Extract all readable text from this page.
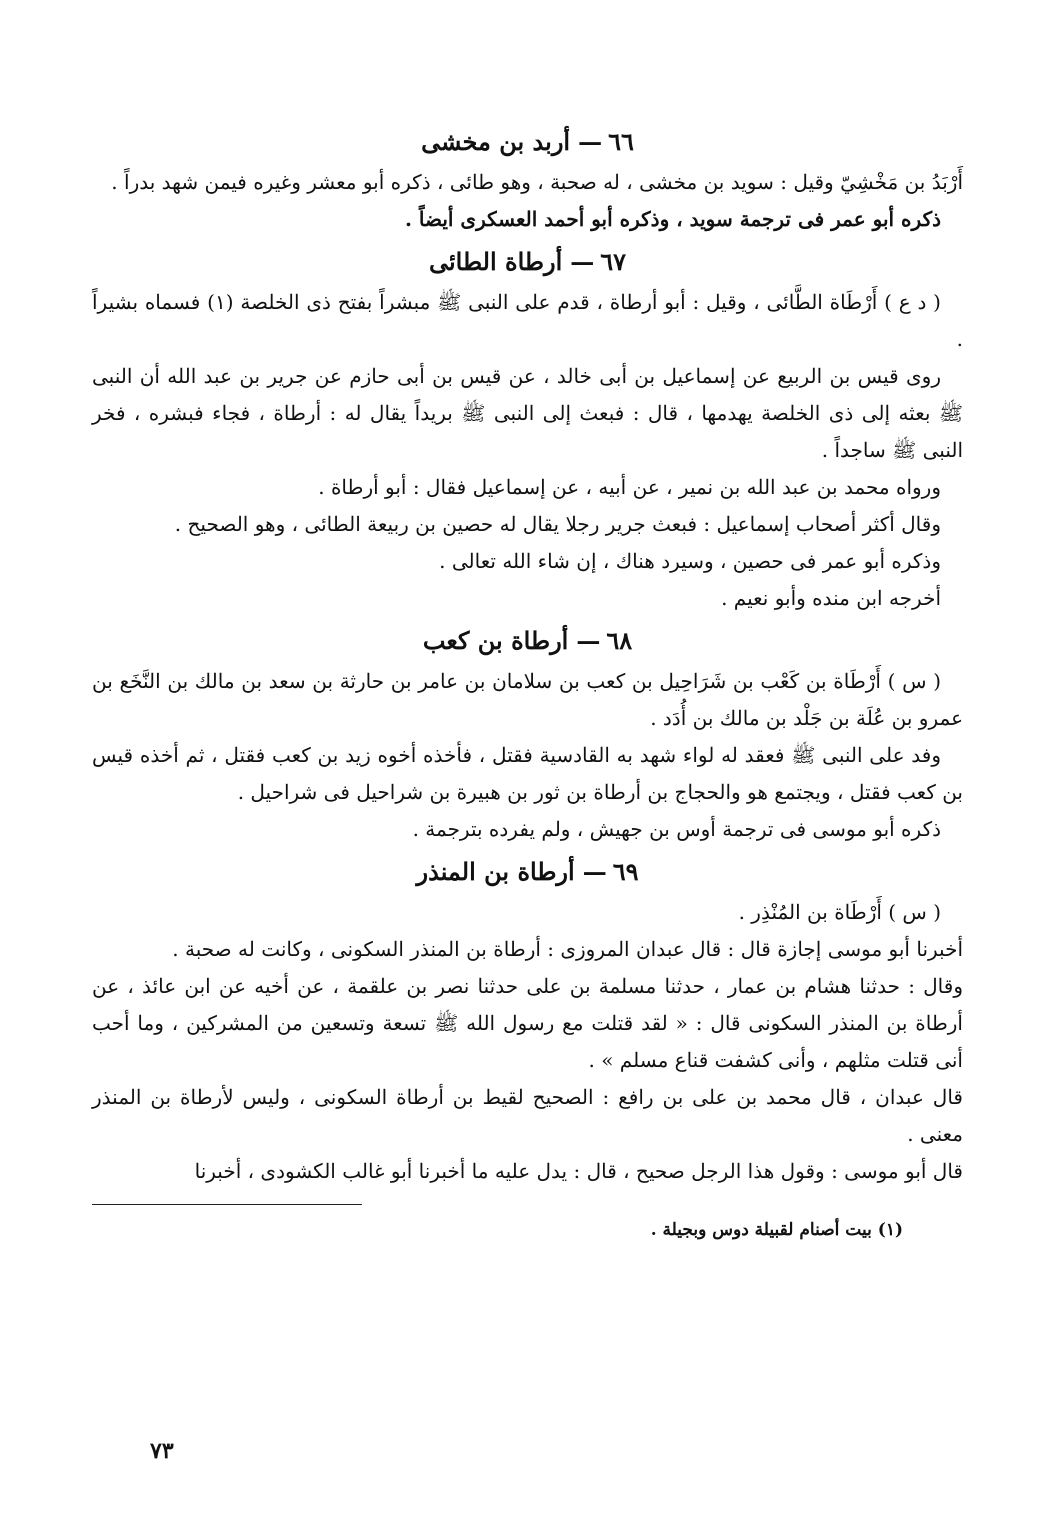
٦٦—أربد بن مخشى

أَرْبَدُ بن مَخْشِيّ وقيل : سويد بن مخشى ، له صحبة ، وهو طائى ، ذكره أبو معشر وغيره فيمن شهد بدراً .

ذكره أبو عمر فى ترجمة سويد ، وذكره أبو أحمد العسكرى أيضاً .

٦٧—أرطاة الطائى

( د ع ) أَرْطَاة الطَّائى ، وقيل : أبو أرطاة ، قدم على النبى ﷺ مبشراً بفتح ذى الخلصة (١) فسماه بشيراً .

روى قيس بن الربيع عن إسماعيل بن أبى خالد ، عن قيس بن أبى حازم عن جرير بن عبد الله أن النبى ﷺ بعثه إلى ذى الخلصة يهدمها ، قال : فبعث إلى النبى ﷺ بريداً يقال له : أرطاة ، فجاء فبشره ، فخر النبى ﷺ ساجداً .

ورواه محمد بن عبد الله بن نمير ، عن أبيه ، عن إسماعيل فقال : أبو أرطاة .

وقال أكثر أصحاب إسماعيل : فبعث جرير رجلا يقال له حصين بن ربيعة الطائى ، وهو الصحيح .

وذكره أبو عمر فى حصين ، وسيرد هناك ، إن شاء الله تعالى .

أخرجه ابن منده وأبو نعيم .

٦٨—أرطاة بن كعب

( س ) أَرْطَاة بن كَعْب بن شَرَاحِيل بن كعب بن سلامان بن عامر بن حارثة بن سعد بن مالك بن النَّخَع بن عمرو بن عُلَة بن جَلْد بن مالك بن أُدَد .

وفد على النبى ﷺ فعقد له لواء شهد به القادسية فقتل ، فأخذه أخوه زيد بن كعب فقتل ، ثم أخذه قيس بن كعب فقتل ، ويجتمع هو والحجاج بن أرطاة بن ثور بن هبيرة بن شراحيل فى شراحيل .

ذكره أبو موسى فى ترجمة أوس بن جهيش ، ولم يفرده بترجمة .

٦٩—أرطاة بن المنذر

( س ) أَرْطَاة بن المُنْذِر .

أخبرنا أبو موسى إجازة قال : قال عبدان المروزى : أرطاة بن المنذر السكونى ، وكانت له صحبة .

وقال : حدثنا هشام بن عمار ، حدثنا مسلمة بن على حدثنا نصر بن علقمة ، عن أخيه عن ابن عائذ ، عن أرطاة بن المنذر السكونى قال : « لقد قتلت مع رسول الله ﷺ تسعة وتسعين من المشركين ، وما أحب أنى قتلت مثلهم ، وأنى كشفت قناع مسلم » .

قال عبدان ، قال محمد بن على بن رافع : الصحيح لقيط بن أرطاة السكونى ، وليس لأرطاة بن المنذر معنى .

قال أبو موسى : وقول هذا الرجل صحيح ، قال : يدل عليه ما أخبرنا أبو غالب الكشودى ، أخبرنا

(١) بيت أصنام لقبيلة دوس وبجيلة .
٧٣
